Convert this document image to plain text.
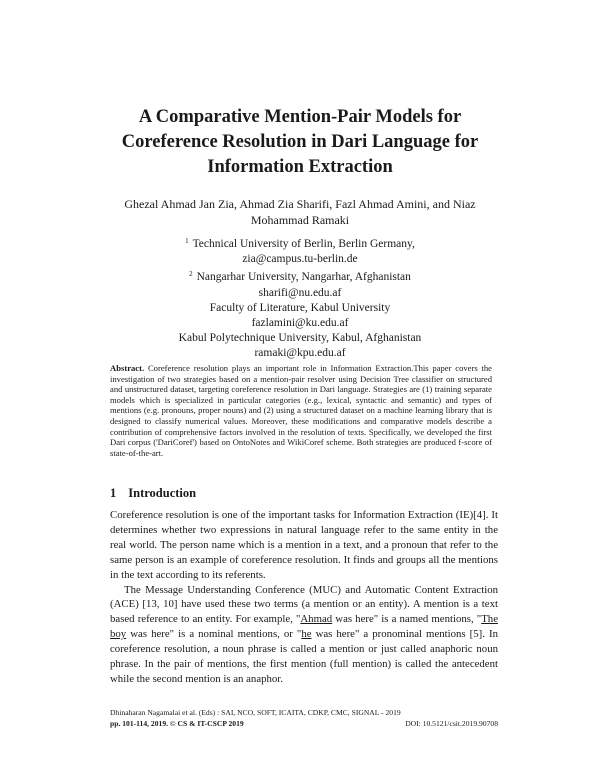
A Comparative Mention-Pair Models for
Coreference Resolution in Dari Language for
Information Extraction
Ghezal Ahmad Jan Zia, Ahmad Zia Sharifi, Fazl Ahmad Amini, and Niaz
Mohammad Ramaki
$^1$ Technical University of Berlin, Berlin Germany,
zia@campus.tu-berlin.de
$^2$ Nangarhar University, Nangarhar, Afghanistan
sharifi@nu.edu.af
Faculty of Literature, Kabul University
fazlamini@ku.edu.af
Kabul Polytechnique University, Kabul, Afghanistan
ramaki@kpu.edu.af

Abstract. Coreference resolution plays an important role in Information Extraction.This paper covers the investigation of two strategies based on a mention-pair resolver using Decision Tree classifier on structured and unstructured dataset, targeting coreference resolution in Dari language. Strategies are (1) training separate models which is specialized in particular categories (e.g., lexical, syntactic and semantic) and types of mentions (e.g. pronouns, proper nouns) and (2) using a structured dataset on a machine learning library that is designed to classify numerical values. Moreover, these modifications and comparative models describe a contribution of comprehensive factors involved in the resolution of texts. Specifically, we developed the first Dari corpus ('DariCoref') based on OntoNotes and WikiCoref scheme. Both strategies are produced f-score of state-of-the-art.

1 Introduction

Coreference resolution is one of the important tasks for Information Extraction (IE)[4]. It determines whether two expressions in natural language refer to the same entity in the real world. The person name which is a mention in a text, and a pronoun that refer to the same person is an example of coreference resolution. It finds and groups all the mentions in the text according to its referents.

The Message Understanding Conference (MUC) and Automatic Content Extraction (ACE) [13, 10] have used these two terms (a mention or an entity). A mention is a text based reference to an entity. For example, "Ahmad was here" is a named mentions, "The boy was here" is a nominal mentions, or "he was here" a pronominal mentions [5]. In coreference resolution, a noun phrase is called a mention or just called anaphoric noun phrase. In the pair of mentions, the first mention (full mention) is called the antecedent while the second mention is an anaphor.

Dhinaharan Nagamalai et al. (Eds) : SAI, NCO, SOFT, ICAITA, CDKP, CMC, SIGNAL - 2019
pp. 101-114, 2019. © CS & IT-CSCP 2019	DOI: 10.5121/csit.2019.90708
